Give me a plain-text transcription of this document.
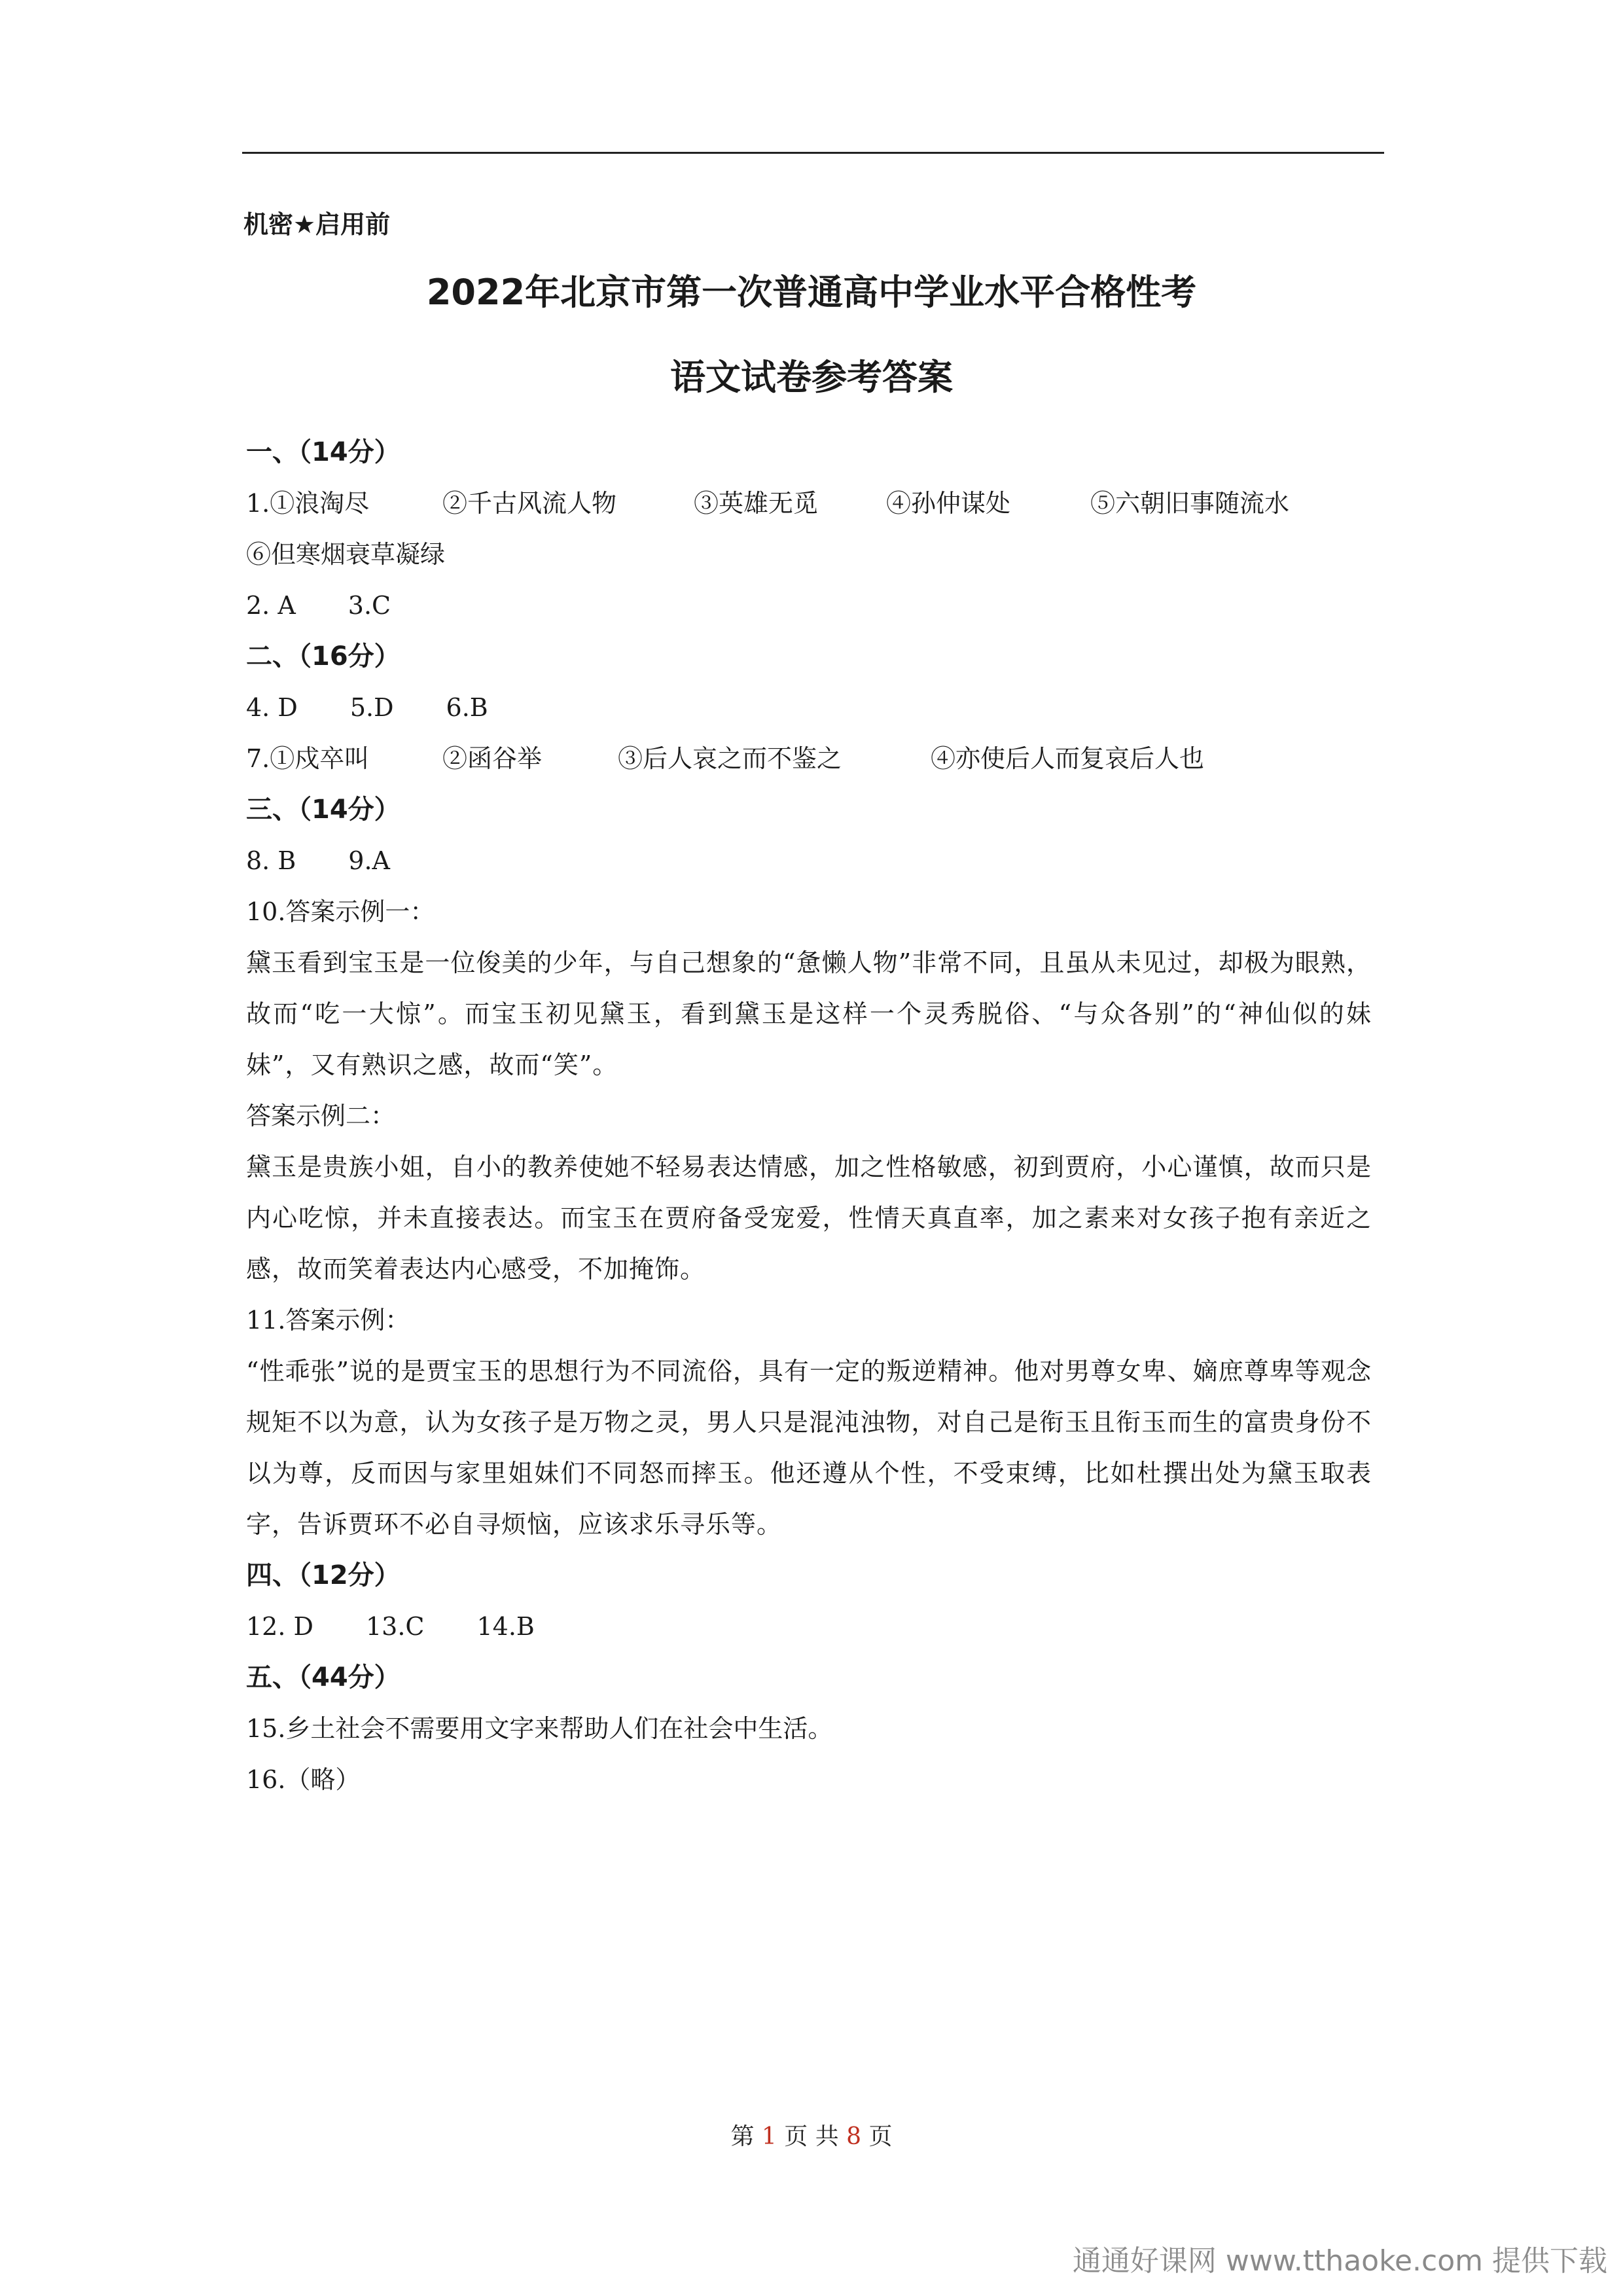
机密★启用前
2022年北京市第一次普通高中学业水平合格性考
语文试卷参考答案
一、（14分）
1.①浪淘尽	②千古风流人物	③英雄无觅	④孙仲谋处	⑤六朝旧事随流水
⑥但寒烟衰草凝绿
2. A 3.C
二、（16分）
4. D 5.D 6.B
7.①戍卒叫	②函谷举	③后人哀之而不鉴之	④亦使后人而复哀后人也
三、（14分）
8. B 9.A
10.答案示例一：
黛玉看到宝玉是一位俊美的少年，与自己想象的“惫懒人物”非常不同，且虽从未见过，却极为眼熟，故而“吃一大惊”。而宝玉初见黛玉，看到黛玉是这样一个灵秀脱俗、“与众各别”的“神仙似的妹妹”，又有熟识之感，故而“笑”。
答案示例二：
黛玉是贵族小姐，自小的教养使她不轻易表达情感，加之性格敏感，初到贾府，小心谨慎，故而只是内心吃惊，并未直接表达。而宝玉在贾府备受宠爱，性情天真直率，加之素来对女孩子抱有亲近之感，故而笑着表达内心感受，不加掩饰。
11.答案示例：
“性乖张”说的是贾宝玉的思想行为不同流俗，具有一定的叛逆精神。他对男尊女卑、嫡庶尊卑等观念规矩不以为意，认为女孩子是万物之灵，男人只是混沌浊物，对自己是衔玉且衔玉而生的富贵身份不以为尊，反而因与家里姐妹们不同怒而摔玉。他还遵从个性，不受束缚，比如杜撰出处为黛玉取表字，告诉贾环不必自寻烦恼，应该求乐寻乐等。
四、（12分）
12. D 13.C 14.B
五、（44分）
15.乡土社会不需要用文字来帮助人们在社会中生活。
16.（略）
第 1 页 共 8 页
通通好课网 www.tthaoke.com 提供下载
